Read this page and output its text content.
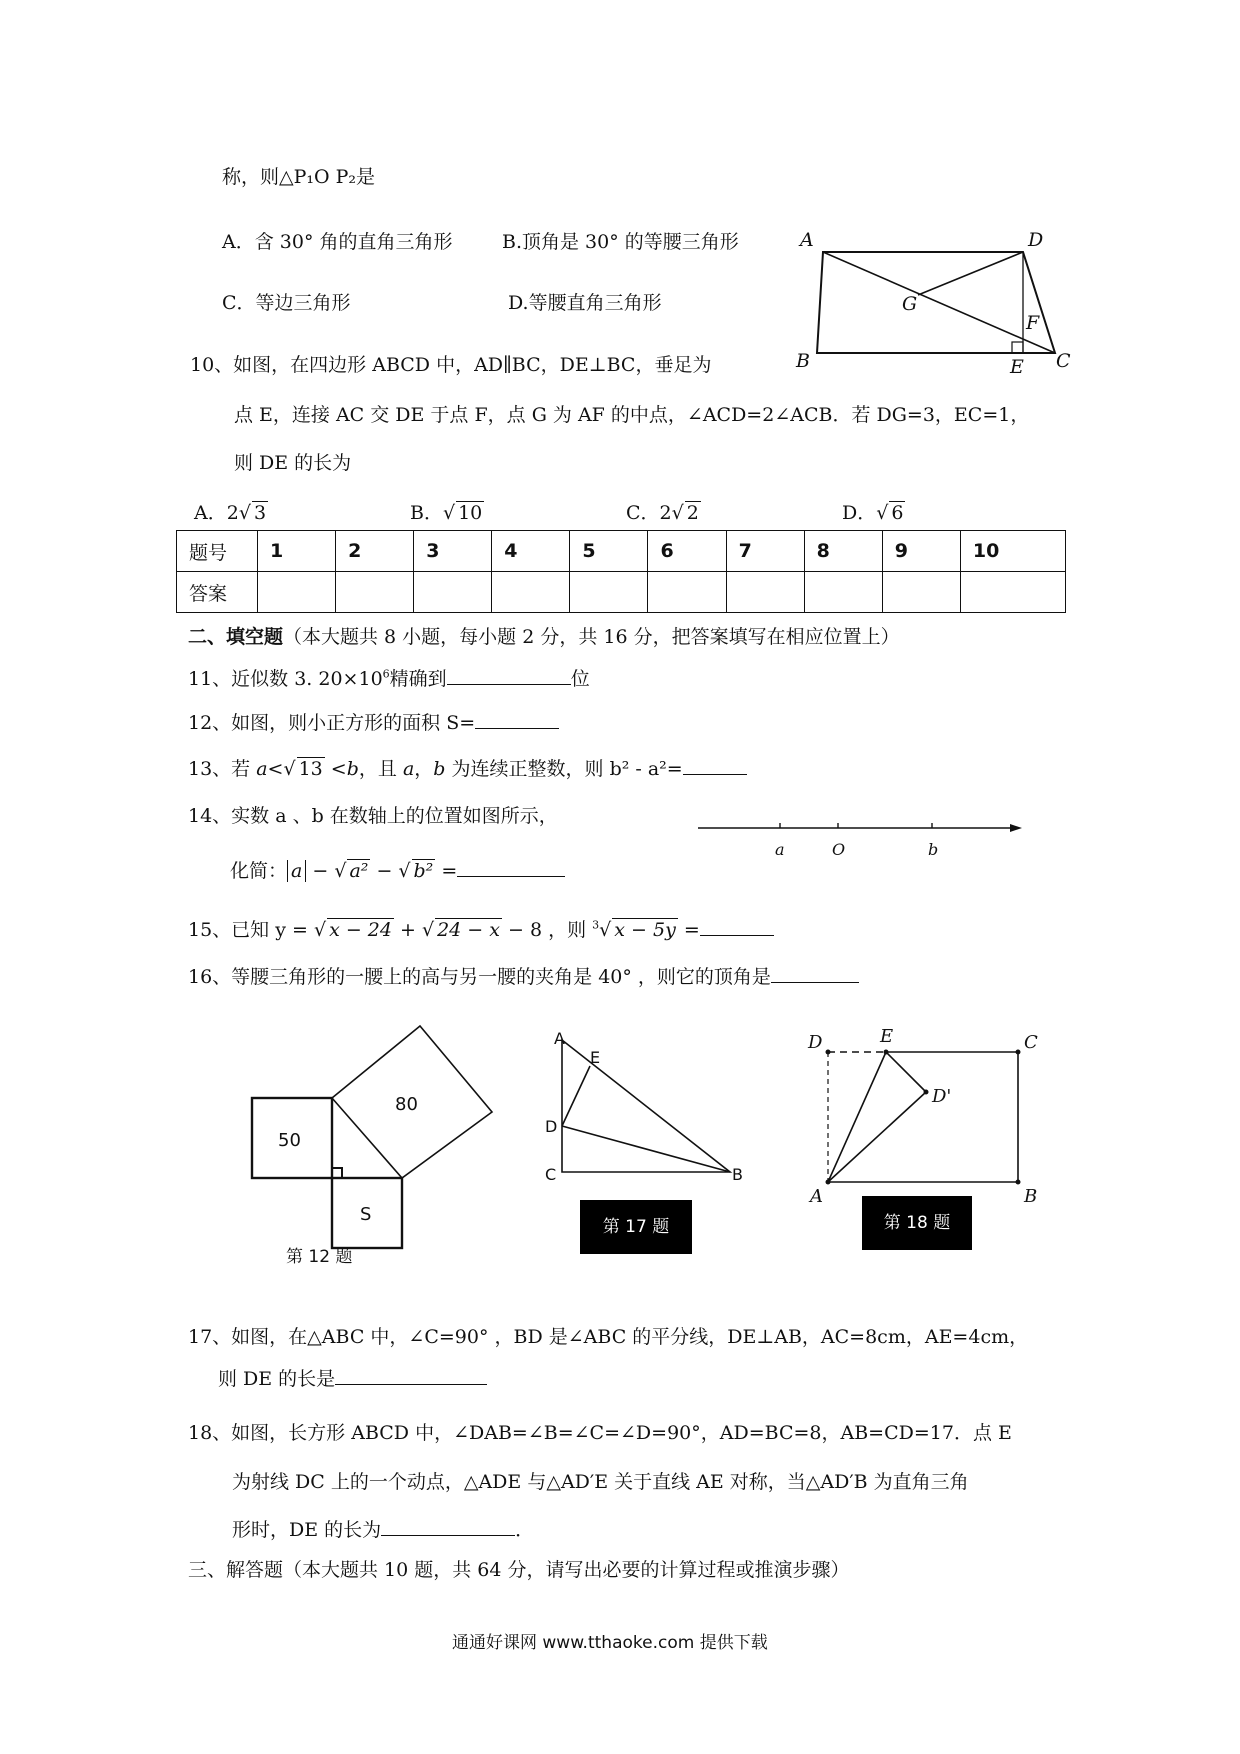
称，则△P₁O P₂是
A．含 30° 角的直角三角形	B.顶角是 30° 的等腰三角形
C．等边三角形	D.等腰直角三角形
A	D
G
F
B	E C
10、如图，在四边形 ABCD 中，AD∥BC，DE⊥BC，垂足为
点 E，连接 AC 交 DE 于点 F，点 G 为 AF 的中点，∠ACD=2∠ACB．若 DG=3，EC=1，
则 DE 的长为
A．2√ 3	B．√ 10	C．2√ 2	D．√ 6
题号	1	2	3	4	5	6	7	8	9	10
答案										
二、填空题（本大题共 8 小题，每小题 2 分，共 16 分，把答案填写在相应位置上）
11、近似数 3. $20\times 10^6$精确到	位
12、如图，则小正方形的面积 S=
13、若 a<√ 13 <b，且 a，b 为连续正整数，则 b² - a²=
14、实数 a 、b 在数轴上的位置如图所示，
化简： a − √ a² − √ b² =
a	O	b
15、已知 y = √ x − 24 + √ 24 − x − 8 ，则 $^3$√ x − 5y =
16、等腰三角形的一腰上的高与另一腰的夹角是 40° ，则它的顶角是
80
50
S
第 12 题
A
E
D
C	B
第 17 题
D	E	C
D'
A	B
第 18 题
17、如图，在△ABC 中，∠C=90° ，BD 是∠ABC 的平分线，DE⊥AB，AC=8cm，AE=4cm，
则 DE 的长是
18、如图，长方形 ABCD 中，∠DAB=∠B=∠C=∠D=90°，AD=BC=8，AB=CD=17．点 E
为射线 DC 上的一个动点，△ADE 与△AD′E 关于直线 AE 对称，当△AD′B 为直角三角
形时，DE 的长为	．
三、解答题（本大题共 10 题，共 64 分，请写出必要的计算过程或推演步骤）
通通好课网 www.tthaoke.com 提供下载
